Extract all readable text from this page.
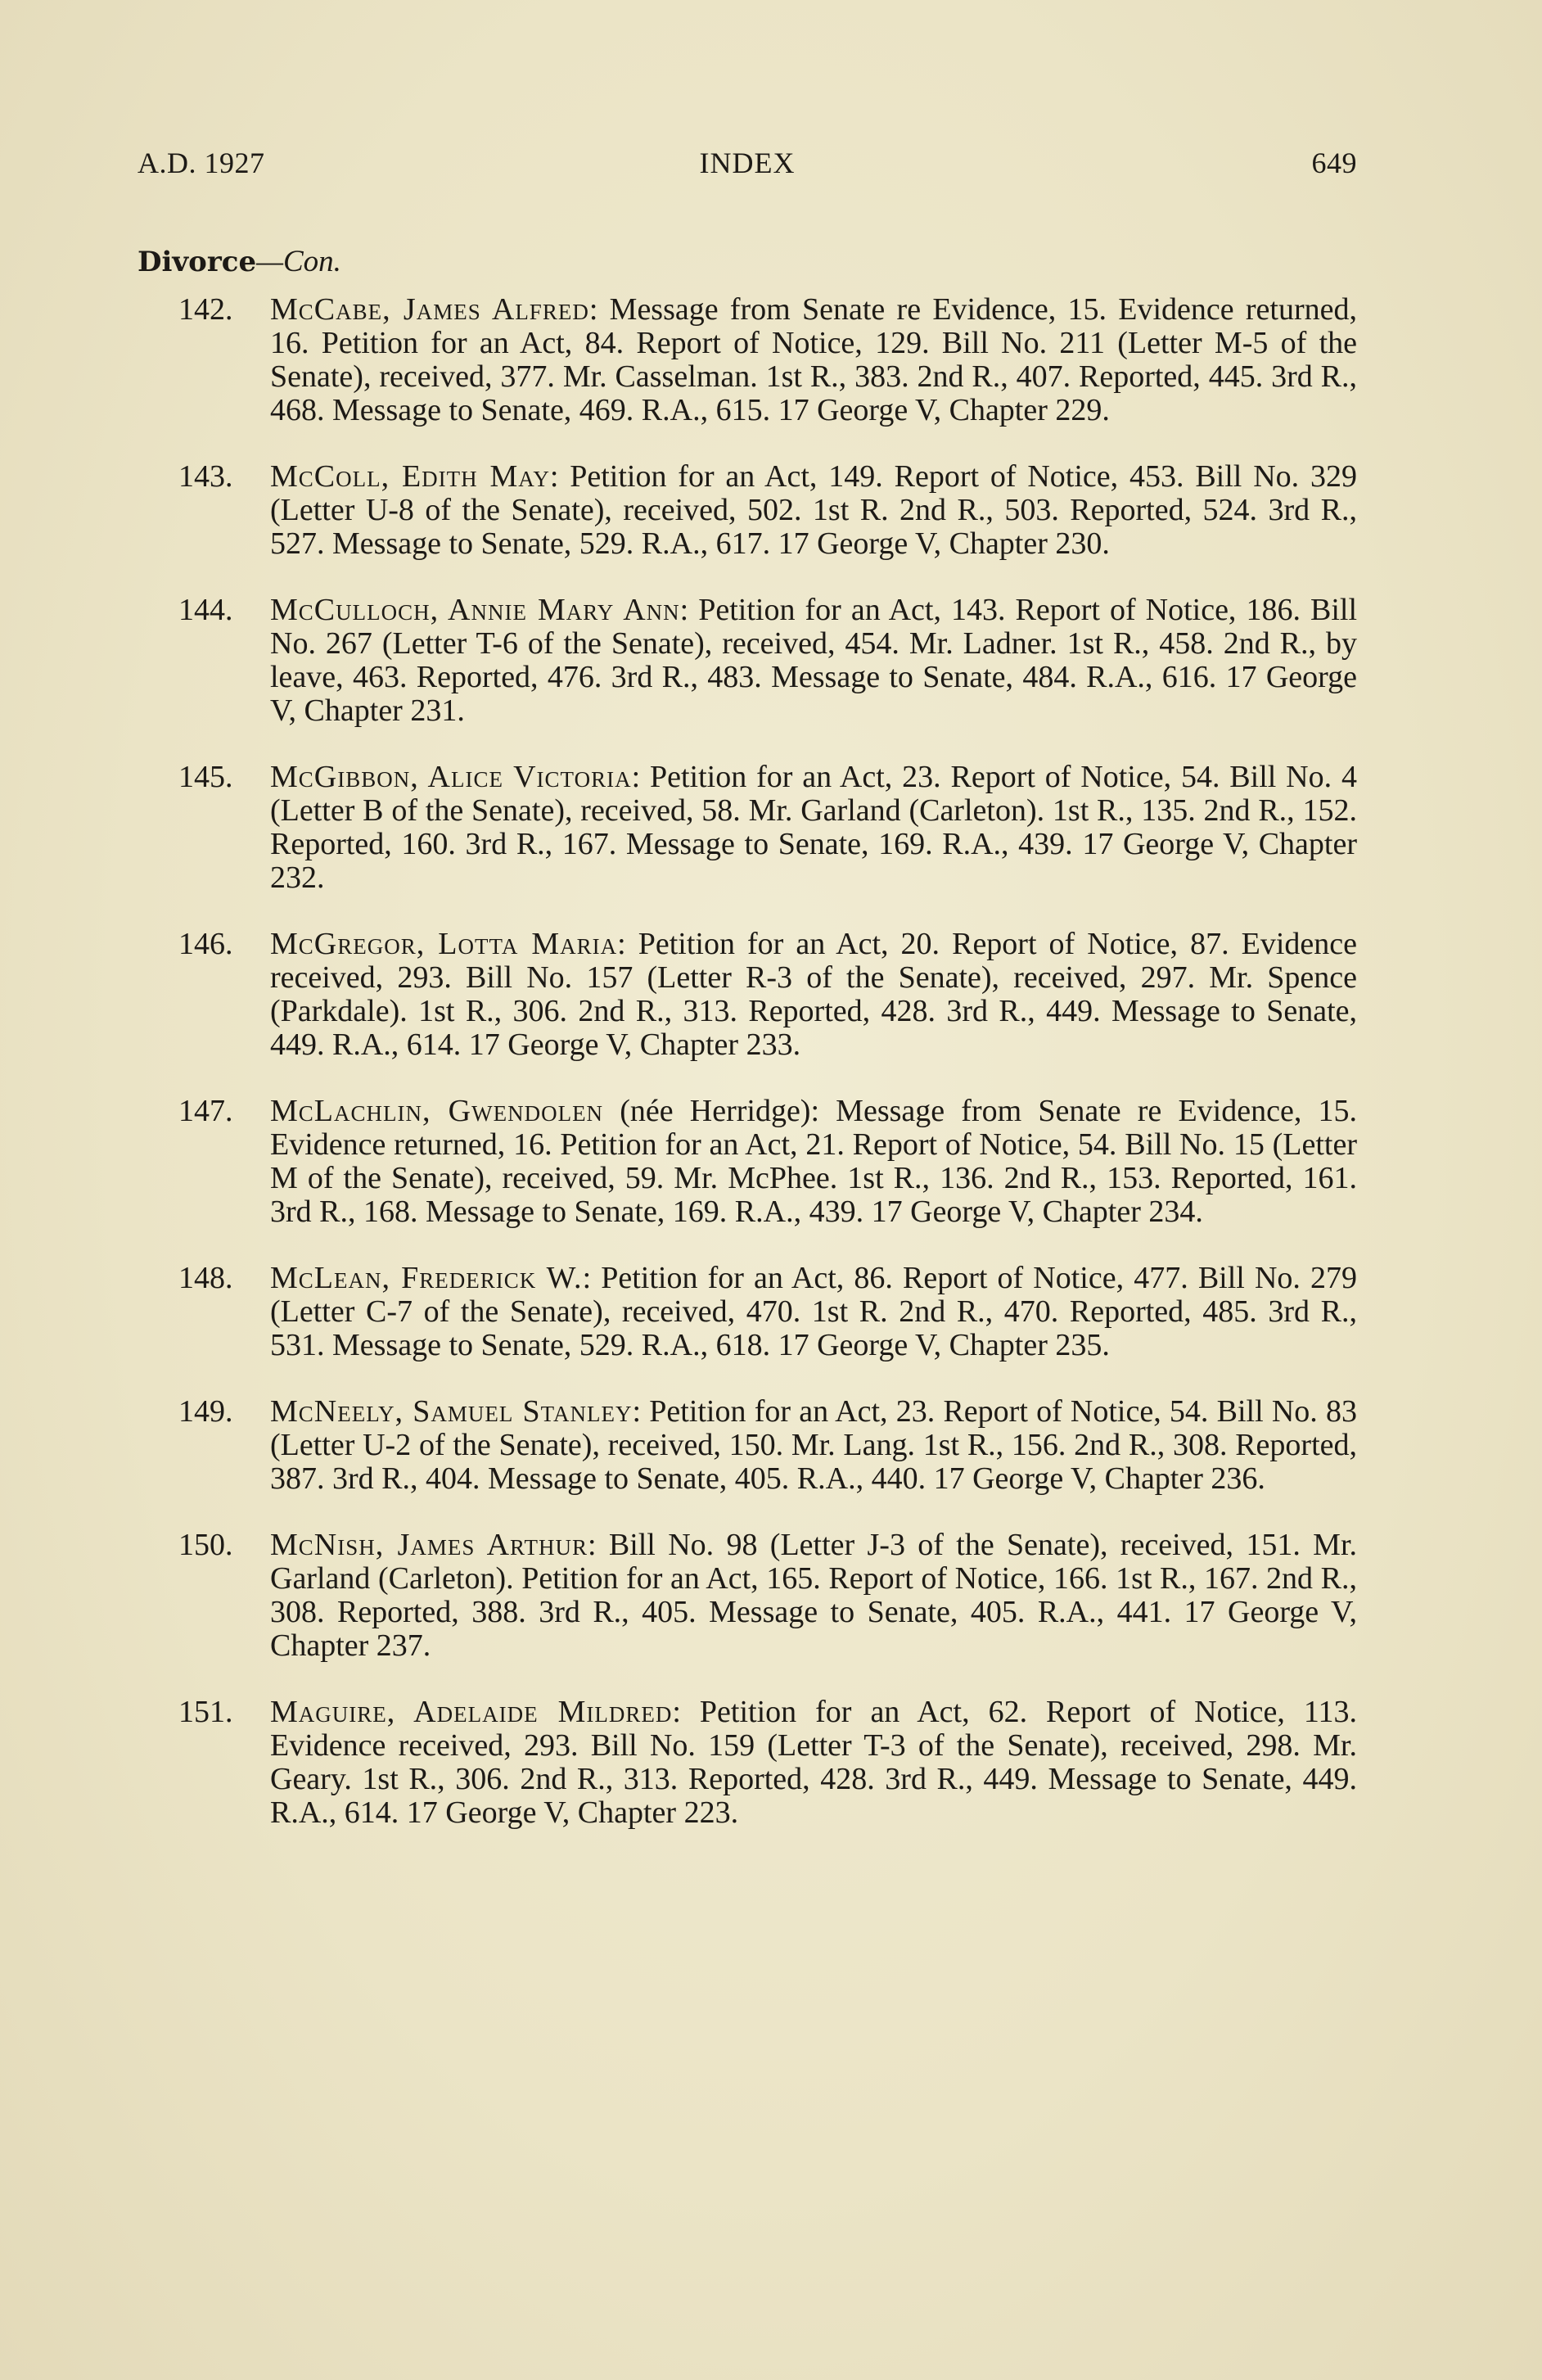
A.D. 1927	INDEX	649
Divorce—Con.
142. McCabe, James Alfred: Message from Senate re Evidence, 15. Evidence returned, 16. Petition for an Act, 84. Report of Notice, 129. Bill No. 211 (Letter M-5 of the Senate), received, 377. Mr. Casselman. 1st R., 383. 2nd R., 407. Reported, 445. 3rd R., 468. Message to Senate, 469. R.A., 615. 17 George V, Chapter 229.
143. McColl, Edith May: Petition for an Act, 149. Report of Notice, 453. Bill No. 329 (Letter U-8 of the Senate), received, 502. 1st R. 2nd R., 503. Reported, 524. 3rd R., 527. Message to Senate, 529. R.A., 617. 17 George V, Chapter 230.
144. McCulloch, Annie Mary Ann: Petition for an Act, 143. Report of Notice, 186. Bill No. 267 (Letter T-6 of the Senate), received, 454. Mr. Ladner. 1st R., 458. 2nd R., by leave, 463. Reported, 476. 3rd R., 483. Message to Senate, 484. R.A., 616. 17 George V, Chapter 231.
145. McGibbon, Alice Victoria: Petition for an Act, 23. Report of Notice, 54. Bill No. 4 (Letter B of the Senate), received, 58. Mr. Garland (Carleton). 1st R., 135. 2nd R., 152. Reported, 160. 3rd R., 167. Message to Senate, 169. R.A., 439. 17 George V, Chapter 232.
146. McGregor, Lotta Maria: Petition for an Act, 20. Report of Notice, 87. Evidence received, 293. Bill No. 157 (Letter R-3 of the Senate), received, 297. Mr. Spence (Parkdale). 1st R., 306. 2nd R., 313. Reported, 428. 3rd R., 449. Message to Senate, 449. R.A., 614. 17 George V, Chapter 233.
147. McLachlin, Gwendolen (née Herridge): Message from Senate re Evidence, 15. Evidence returned, 16. Petition for an Act, 21. Report of Notice, 54. Bill No. 15 (Letter M of the Senate), received, 59. Mr. McPhee. 1st R., 136. 2nd R., 153. Reported, 161. 3rd R., 168. Message to Senate, 169. R.A., 439. 17 George V, Chapter 234.
148. McLean, Frederick W.: Petition for an Act, 86. Report of Notice, 477. Bill No. 279 (Letter C-7 of the Senate), received, 470. 1st R. 2nd R., 470. Reported, 485. 3rd R., 531. Message to Senate, 529. R.A., 618. 17 George V, Chapter 235.
149. McNeely, Samuel Stanley: Petition for an Act, 23. Report of Notice, 54. Bill No. 83 (Letter U-2 of the Senate), received, 150. Mr. Lang. 1st R., 156. 2nd R., 308. Reported, 387. 3rd R., 404. Message to Senate, 405. R.A., 440. 17 George V, Chapter 236.
150. McNish, James Arthur: Bill No. 98 (Letter J-3 of the Senate), received, 151. Mr. Garland (Carleton). Petition for an Act, 165. Report of Notice, 166. 1st R., 167. 2nd R., 308. Reported, 388. 3rd R., 405. Message to Senate, 405. R.A., 441. 17 George V, Chapter 237.
151. Maguire, Adelaide Mildred: Petition for an Act, 62. Report of Notice, 113. Evidence received, 293. Bill No. 159 (Letter T-3 of the Senate), received, 298. Mr. Geary. 1st R., 306. 2nd R., 313. Reported, 428. 3rd R., 449. Message to Senate, 449. R.A., 614. 17 George V, Chapter 223.
